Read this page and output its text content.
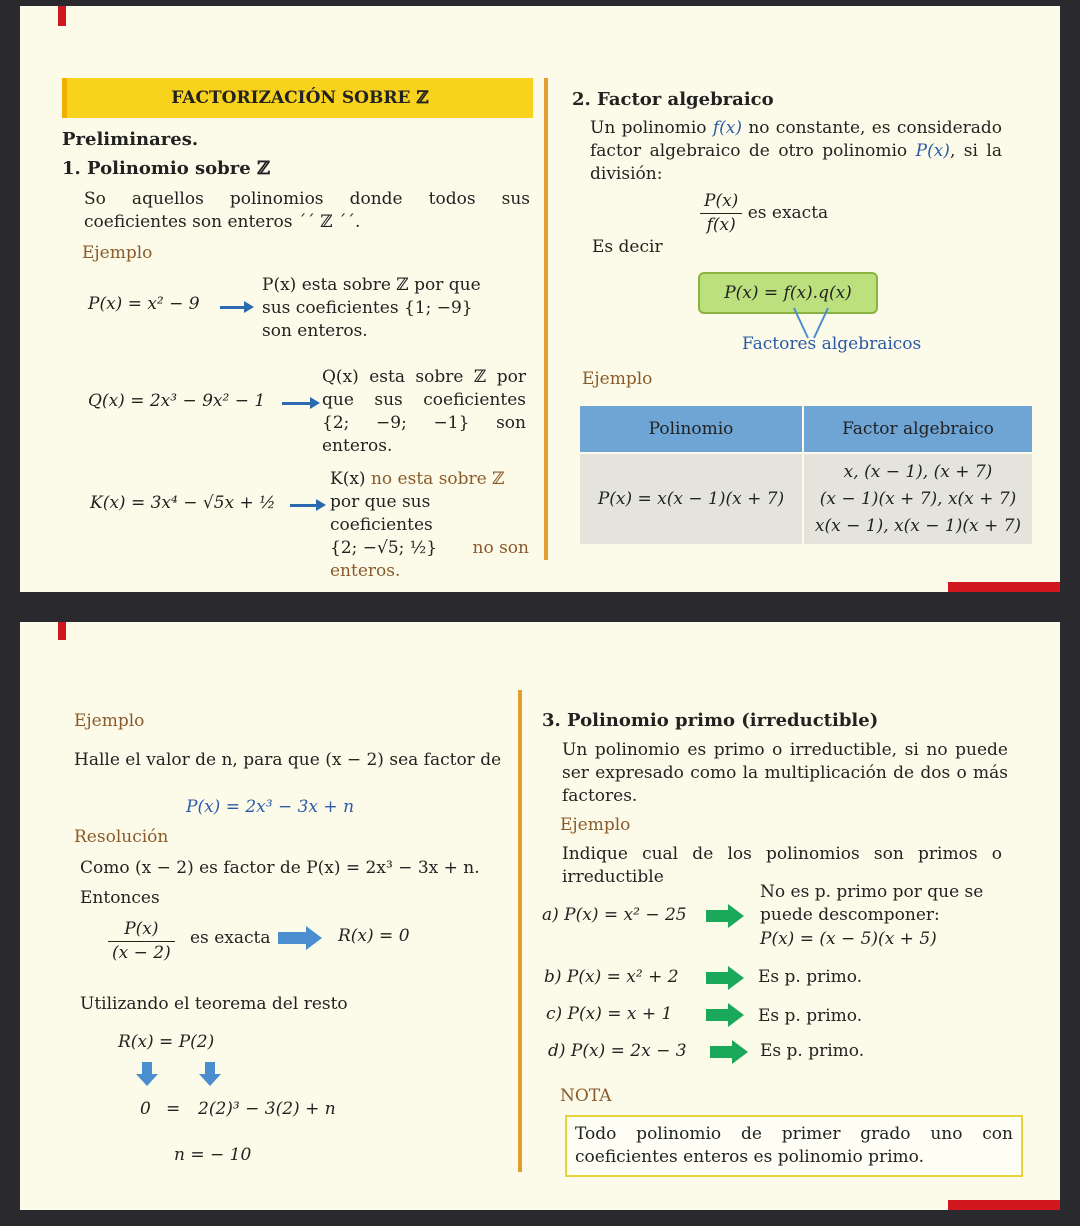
FACTORIZACIÓN SOBRE ℤ
Preliminares.
1. Polinomio sobre ℤ
So aquellos polinomios donde todos sus coeficientes son enteros ´´ ℤ ´´.
Ejemplo
P(x) = x² − 9
P(x) esta sobre ℤ por que sus coeficientes {1; −9} son enteros.
Q(x) = 2x³ − 9x² − 1
Q(x) esta sobre ℤ por que sus coeficientes {2; −9; −1} son enteros.
K(x) = 3x⁴ − √5x + ½
K(x) no esta sobre ℤ
por que sus coeficientes
{2; −√5; ½} no son enteros.
2. Factor algebraico
Un polinomio f(x) no constante, es considerado factor algebraico de otro polinomio P(x), si la división:
$\frac{P(x)}{f(x)}$ es exacta
Es decir
P(x) = f(x).q(x)
Factores algebraicos
Ejemplo
Polinomio	Factor algebraico
P(x) = x(x − 1)(x + 7)	x, (x − 1), (x + 7)
(x − 1)(x + 7), x(x + 7)
x(x − 1), x(x − 1)(x + 7)
Ejemplo
Halle el valor de n, para que (x − 2) sea factor de
P(x) = 2x³ − 3x + n
Resolución
Como (x − 2) es factor de P(x) = 2x³ − 3x + n.
Entonces
$\frac{P(x)}{(x - 2)}$ es exacta	R(x) = 0
Utilizando el teorema del resto
R(x) = P(2)
0 = 2(2)³ − 3(2) + n
n = − 10
3. Polinomio primo (irreductible)
Un polinomio es primo o irreductible, si no puede ser expresado como la multiplicación de dos o más factores.
Ejemplo
Indique cual de los polinomios son primos o irreductible
a) P(x) = x² − 25
No es p. primo por que se puede descomponer:
P(x) = (x − 5)(x + 5)
b) P(x) = x² + 2	Es p. primo.
c) P(x) = x + 1	Es p. primo.
d) P(x) = 2x − 3	Es p. primo.
NOTA
Todo polinomio de primer grado uno con coeficientes enteros es polinomio primo.
